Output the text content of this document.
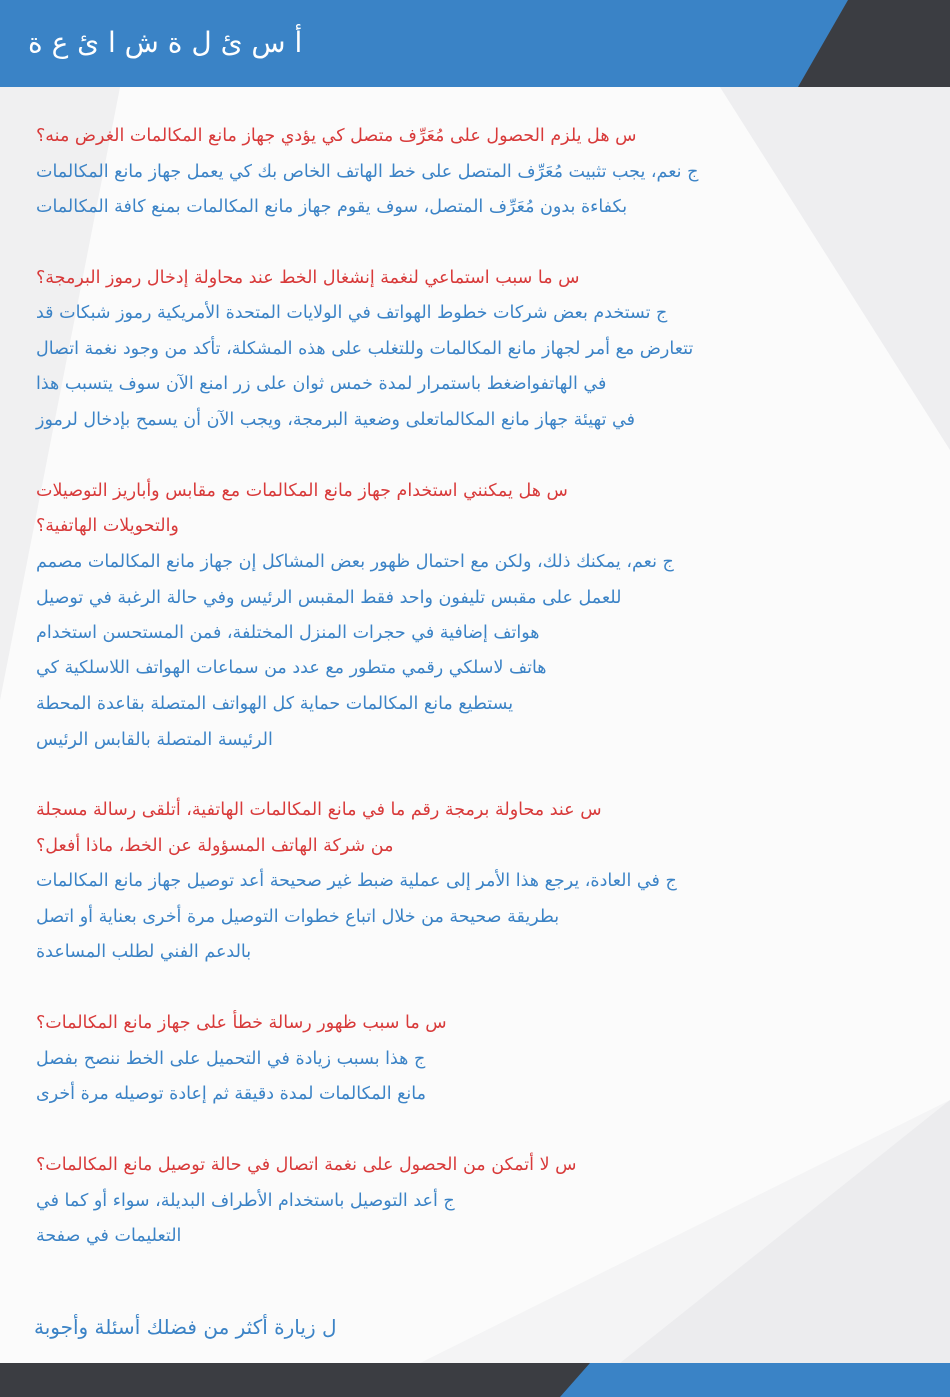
أ س ئ ل ة ش ا ئ ع ة
س هل يلزم الحصول على مُعَرِّف متصل كي يؤدي جهاز مانع المكالمات الغرض منه؟
ج نعم، يجب تثبيت مُعَرِّف المتصل على خط الهاتف الخاص بك كي يعمل جهاز مانع المكالمات
بكفاءة بدون مُعَرِّف المتصل، سوف يقوم جهاز مانع المكالمات بمنع كافة المكالمات
س ما سبب استماعي لنغمة إنشغال الخط عند محاولة إدخال رموز البرمجة؟
ج تستخدم بعض شركات خطوط الهواتف في الولايات المتحدة الأمريكية رموز شبكات قد
تتعارض مع أمر لجهاز مانع المكالمات وللتغلب على هذه المشكلة، تأكد من وجود نغمة اتصال
في الهاتفواضغط باستمرار لمدة خمس ثوان على زر امنع الآن سوف يتسبب هذا
في تهيئة جهاز مانع المكالماتعلى وضعية البرمجة، ويجب الآن أن يسمح بإدخال لرموز
س هل يمكنني استخدام جهاز مانع المكالمات مع مقابس وأباريز التوصيلات
والتحويلات الهاتفية؟
ج نعم، يمكنك ذلك، ولكن مع احتمال ظهور بعض المشاكل إن جهاز مانع المكالمات مصمم
للعمل على مقبس تليفون واحد فقط المقبس الرئيس وفي حالة الرغبة في توصيل
هواتف إضافية في حجرات المنزل المختلفة، فمن المستحسن استخدام
هاتف لاسلكي رقمي متطور مع عدد من سماعات الهواتف اللاسلكية كي
يستطيع مانع المكالمات حماية كل الهواتف المتصلة بقاعدة المحطة
الرئيسة المتصلة بالقابس الرئيس
س عند محاولة برمجة رقم ما في مانع المكالمات الهاتفية، أتلقى رسالة مسجلة
من شركة الهاتف المسؤولة عن الخط، ماذا أفعل؟
ج في العادة، يرجع هذا الأمر إلى عملية ضبط غير صحيحة أعد توصيل جهاز مانع المكالمات
بطريقة صحيحة من خلال اتباع خطوات التوصيل مرة أخرى بعناية أو اتصل
بالدعم الفني لطلب المساعدة
س ما سبب ظهور رسالة خطأ على جهاز مانع المكالمات؟
ج هذا بسبب زيادة في التحميل على الخط ننصح بفصل
مانع المكالمات لمدة دقيقة ثم إعادة توصيله مرة أخرى
س لا أتمكن من الحصول على نغمة اتصال في حالة توصيل مانع المكالمات؟
ج أعد التوصيل باستخدام الأطراف البديلة، سواء أو كما في
التعليمات في صفحة
ل زيارة أكثر من فضلك أسئلة وأجوبة
